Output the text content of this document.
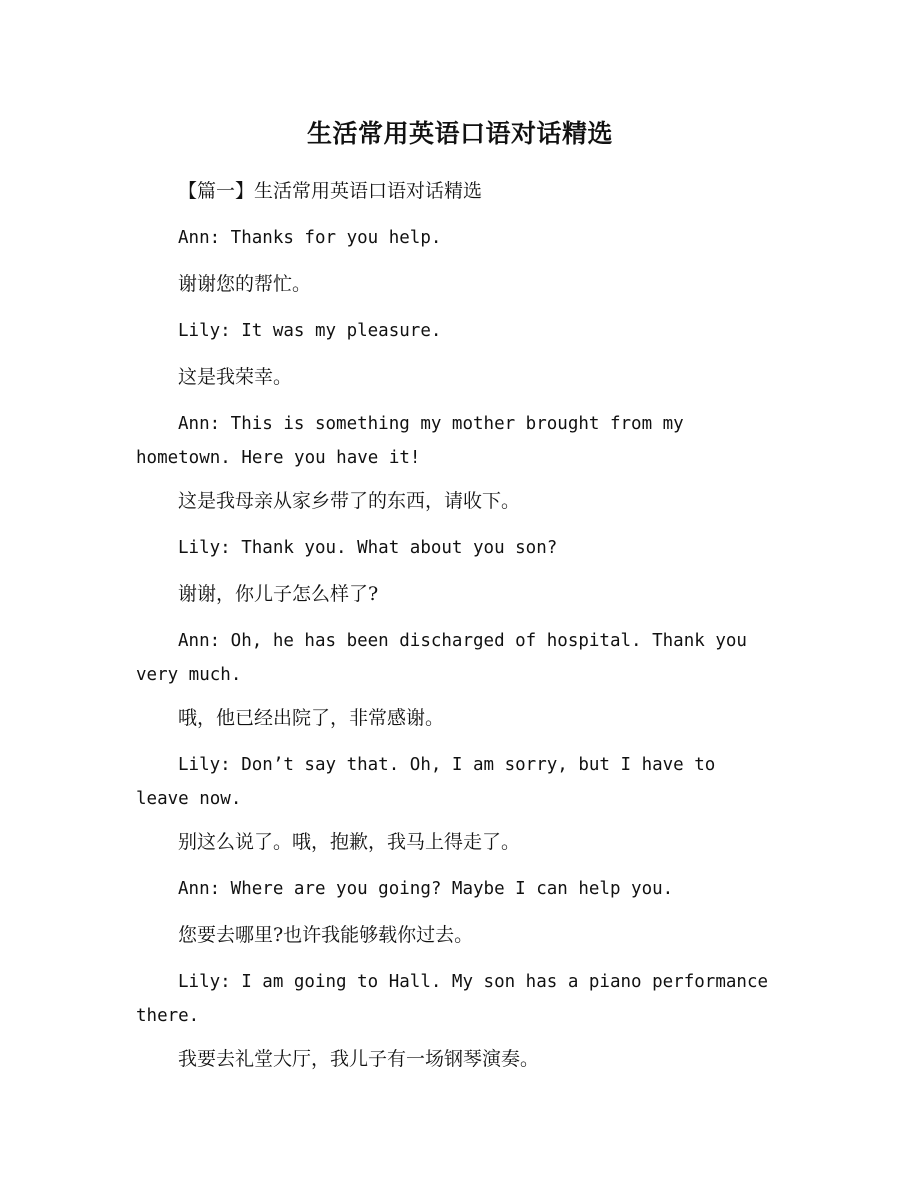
生活常用英语口语对话精选
【篇一】生活常用英语口语对话精选
Ann: Thanks for you help.
谢谢您的帮忙。
Lily: It was my pleasure.
这是我荣幸。
Ann: This is something my mother brought from my
hometown. Here you have it!
这是我母亲从家乡带了的东西，请收下。
Lily: Thank you. What about you son?
谢谢，你儿子怎么样了?
Ann: Oh, he has been discharged of hospital. Thank you
very much.
哦，他已经出院了，非常感谢。
Lily: Don’t say that. Oh, I am sorry, but I have to
leave now.
别这么说了。哦，抱歉，我马上得走了。
Ann: Where are you going? Maybe I can help you.
您要去哪里?也许我能够载你过去。
Lily: I am going to Hall. My son has a piano performance
there.
我要去礼堂大厅，我儿子有一场钢琴演奏。
